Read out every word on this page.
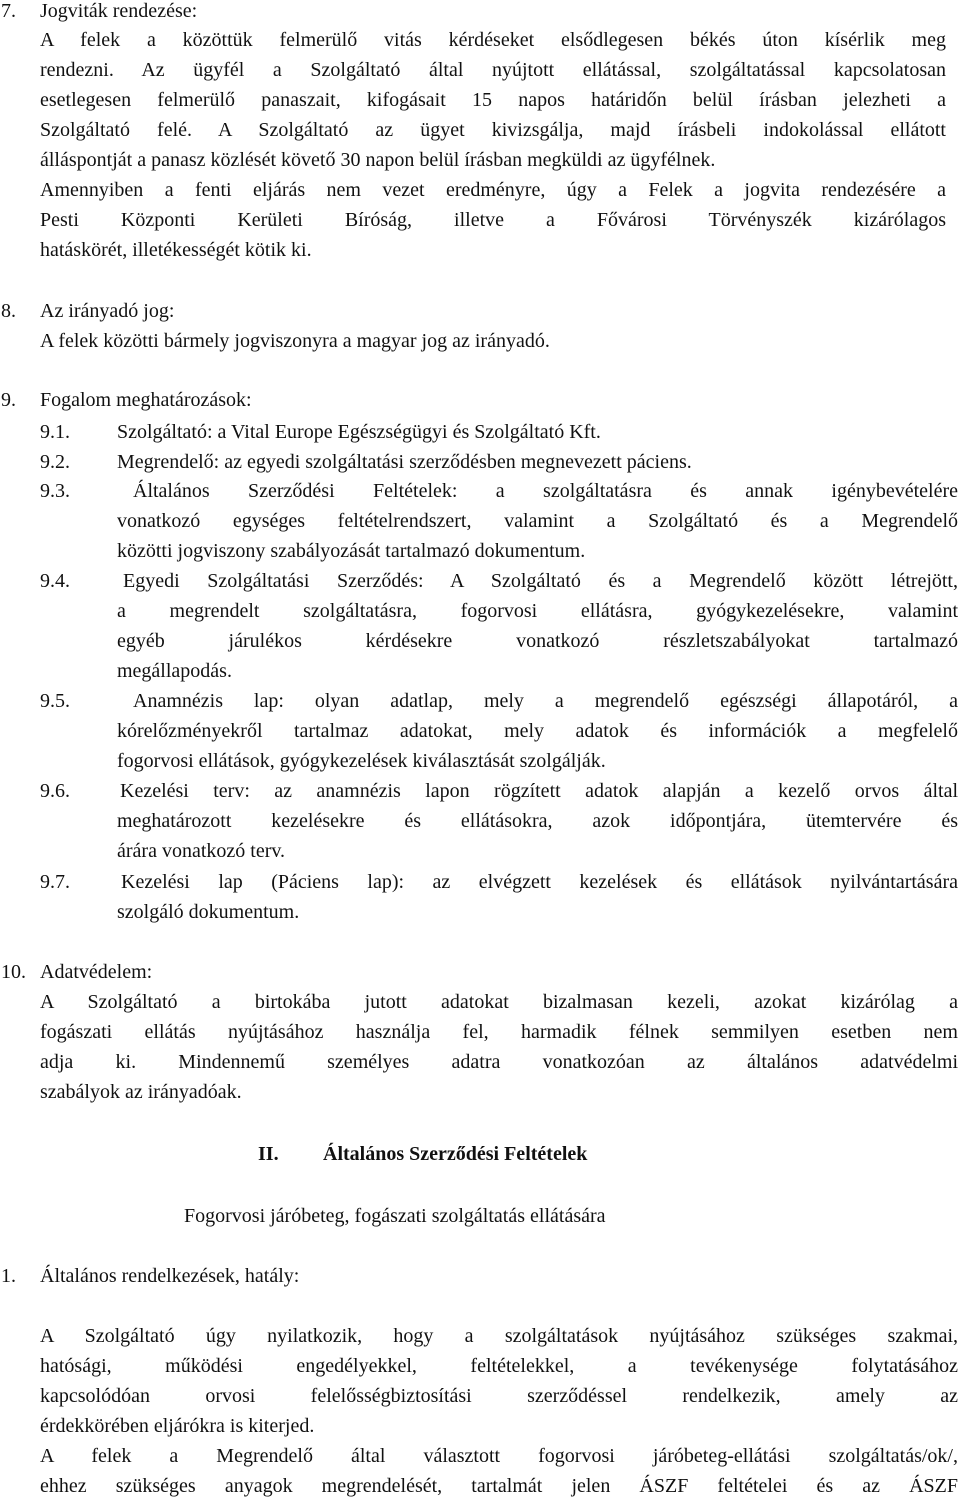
7. Jogviták rendezése:
A felek a közöttük felmerülő vitás kérdéseket elsődlegesen békés úton kísérlik meg
rendezni. Az ügyfél a Szolgáltató által nyújtott ellátással, szolgáltatással kapcsolatosan
esetlegesen felmerülő panaszait, kifogásait 15 napos határidőn belül írásban jelezheti a
Szolgáltató felé. A Szolgáltató az ügyet kivizsgálja, majd írásbeli indokolással ellátott
álláspontját a panasz közlését követő 30 napon belül írásban megküldi az ügyfélnek.
Amennyiben a fenti eljárás nem vezet eredményre, úgy a Felek a jogvita rendezésére a
Pesti Központi Kerületi Bíróság, illetve a Fővárosi Törvényszék kizárólagos
hatáskörét, illetékességét kötik ki.
8. Az irányadó jog:
A felek közötti bármely jogviszonyra a magyar jog az irányadó.
9. Fogalom meghatározások:
9.1. Szolgáltató: a Vital Europe Egészségügyi és Szolgáltató Kft.
9.2. Megrendelő: az egyedi szolgáltatási szerződésben megnevezett páciens.
9.3.	Általános Szerződési Feltételek: a szolgáltatásra és annak igénybevételére
vonatkozó egységes feltételrendszert, valamint a Szolgáltató és a Megrendelő
közötti jogviszony szabályozását tartalmazó dokumentum.
9.4.	Egyedi Szolgáltatási Szerződés: A Szolgáltató és a Megrendelő között létrejött,
a megrendelt szolgáltatásra, fogorvosi ellátásra, gyógykezelésekre, valamint
egyéb járulékos kérdésekre vonatkozó részletszabályokat tartalmazó
megállapodás.
9.5.	Anamnézis lap: olyan adatlap, mely a megrendelő egészségi állapotáról, a
kórelőzményekről tartalmaz adatokat, mely adatok és információk a megfelelő
fogorvosi ellátások, gyógykezelések kiválasztását szolgálják.
9.6.	Kezelési terv: az anamnézis lapon rögzített adatok alapján a kezelő orvos által
meghatározott kezelésekre és ellátásokra, azok időpontjára, ütemtervére és
árára vonatkozó terv.
9.7.	Kezelési lap (Páciens lap): az elvégzett kezelések és ellátások nyilvántartására
szolgáló dokumentum.
10. Adatvédelem:
A Szolgáltató a birtokába jutott adatokat bizalmasan kezeli, azokat kizárólag a
fogászati ellátás nyújtásához használja fel, harmadik félnek semmilyen esetben nem
adja ki. Mindennemű személyes adatra vonatkozóan az általános adatvédelmi
szabályok az irányadóak.
II. Általános Szerződési Feltételek
Fogorvosi járóbeteg, fogászati szolgáltatás ellátására
1. Általános rendelkezések, hatály:
A Szolgáltató úgy nyilatkozik, hogy a szolgáltatások nyújtásához szükséges szakmai,
hatósági, működési engedélyekkel, feltételekkel, a tevékenysége folytatásához
kapcsolódóan orvosi felelősségbiztosítási szerződéssel rendelkezik, amely az
érdekkörében eljárókra is kiterjed.
A felek a Megrendelő által választott fogorvosi járóbeteg-ellátási szolgáltatás/ok/,
ehhez szükséges anyagok megrendelését, tartalmát jelen ÁSZF feltételei és az ÁSZF
